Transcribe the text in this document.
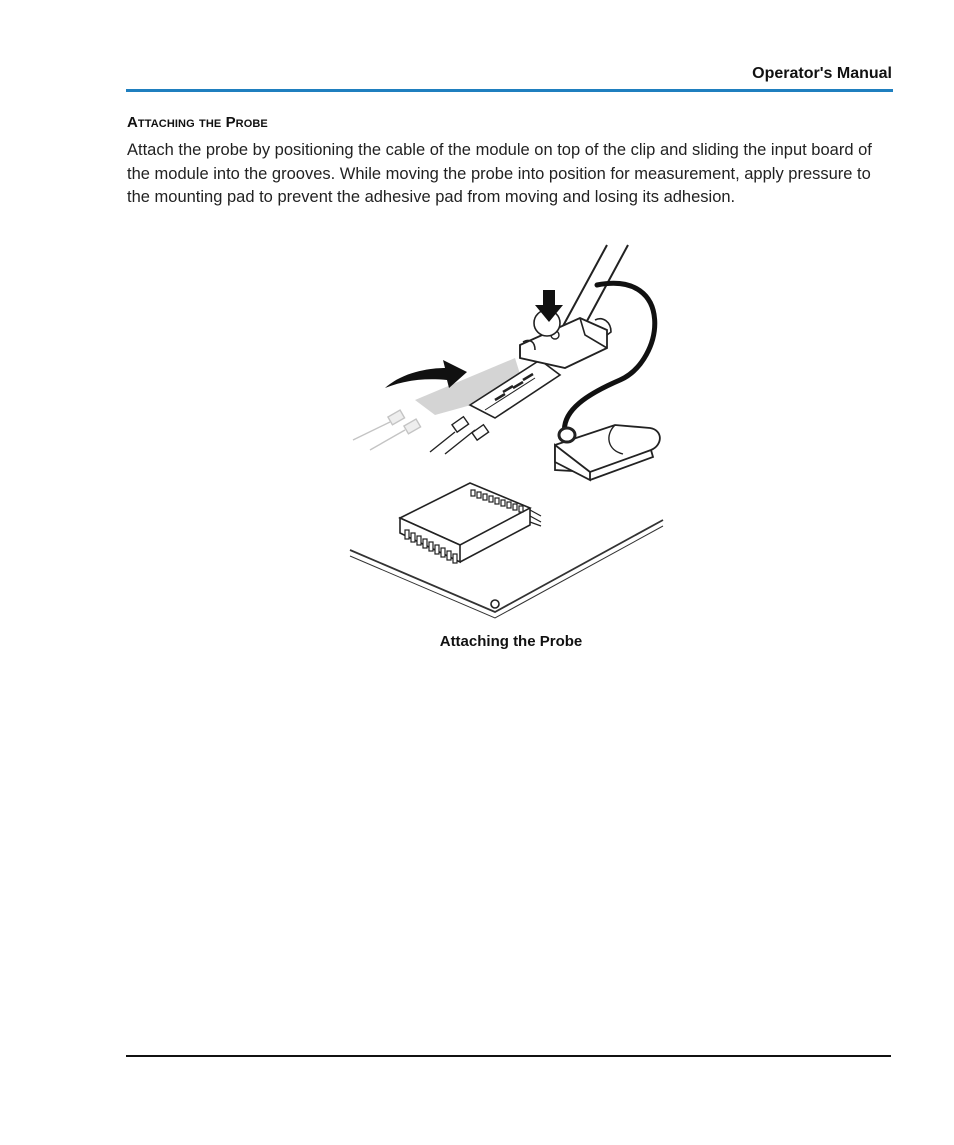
Operator's Manual
Attaching the Probe

Attach the probe by positioning the cable of the module on top of the clip and sliding the input board of the module into the grooves. While moving the probe into position for measurement, apply pressure to the mounting pad to prevent the adhesive pad from moving and losing its adhesion.

Attaching the Probe
